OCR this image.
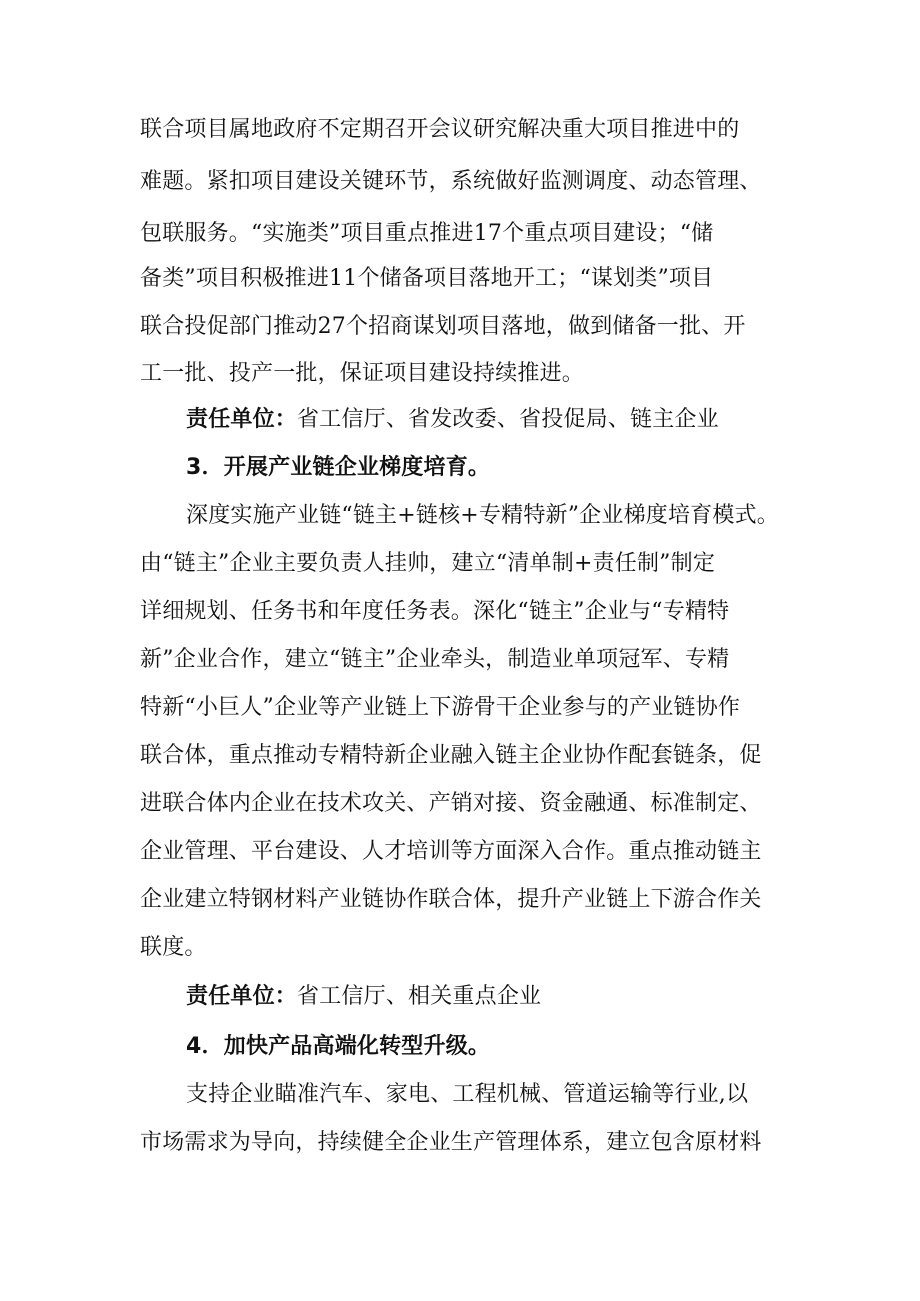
联合项目属地政府不定期召开会议研究解决重大项目推进中的
难题。紧扣项目建设关键环节，系统做好监测调度、动态管理、
包联服务。“实施类”项目重点推进17个重点项目建设；“储
备类”项目积极推进11个储备项目落地开工；“谋划类”项目
联合投促部门推动27个招商谋划项目落地，做到储备一批、开
工一批、投产一批，保证项目建设持续推进。
责任单位：省工信厅、省发改委、省投促局、链主企业
3．开展产业链企业梯度培育。
深度实施产业链“链主+链核+专精特新”企业梯度培育模式。
由“链主”企业主要负责人挂帅，建立“清单制+责任制”制定
详细规划、任务书和年度任务表。深化“链主”企业与“专精特
新”企业合作，建立“链主”企业牵头，制造业单项冠军、专精
特新“小巨人”企业等产业链上下游骨干企业参与的产业链协作
联合体，重点推动专精特新企业融入链主企业协作配套链条，促
进联合体内企业在技术攻关、产销对接、资金融通、标准制定、
企业管理、平台建设、人才培训等方面深入合作。重点推动链主
企业建立特钢材料产业链协作联合体，提升产业链上下游合作关
联度。
责任单位：省工信厅、相关重点企业
4．加快产品高端化转型升级。
支持企业瞄准汽车、家电、工程机械、管道运输等行业,以
市场需求为导向，持续健全企业生产管理体系，建立包含原材料
